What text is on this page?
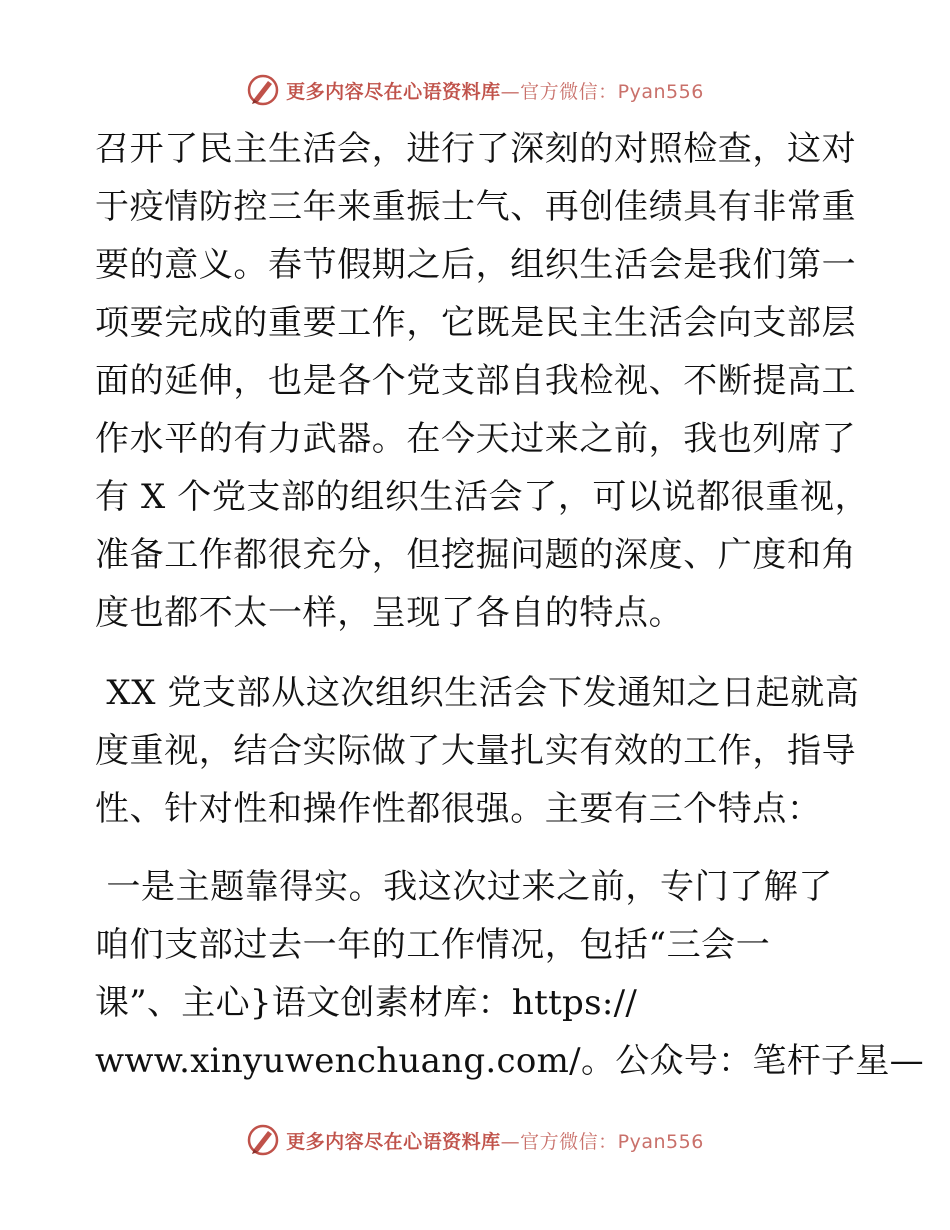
更多内容尽在心语资料库—官方微信：Pyan556
召开了民主生活会，进行了深刻的对照检查，这对
于疫情防控三年来重振士气、再创佳绩具有非常重
要的意义。春节假期之后，组织生活会是我们第一
项要完成的重要工作，它既是民主生活会向支部层
面的延伸，也是各个党支部自我检视、不断提高工
作水平的有力武器。在今天过来之前，我也列席了
有 X 个党支部的组织生活会了，可以说都很重视，
准备工作都很充分，但挖掘问题的深度、广度和角
度也都不太一样，呈现了各自的特点。
XX 党支部从这次组织生活会下发通知之日起就高
度重视，结合实际做了大量扎实有效的工作，指导
性、针对性和操作性都很强。主要有三个特点：
一是主题靠得实。我这次过来之前，专门了解了
咱们支部过去一年的工作情况，包括“三会一
课”、主心}语文创素材库：https://
www.xinyuwenchuang.com/。公众号：笔杆子星—
更多内容尽在心语资料库—官方微信：Pyan556
